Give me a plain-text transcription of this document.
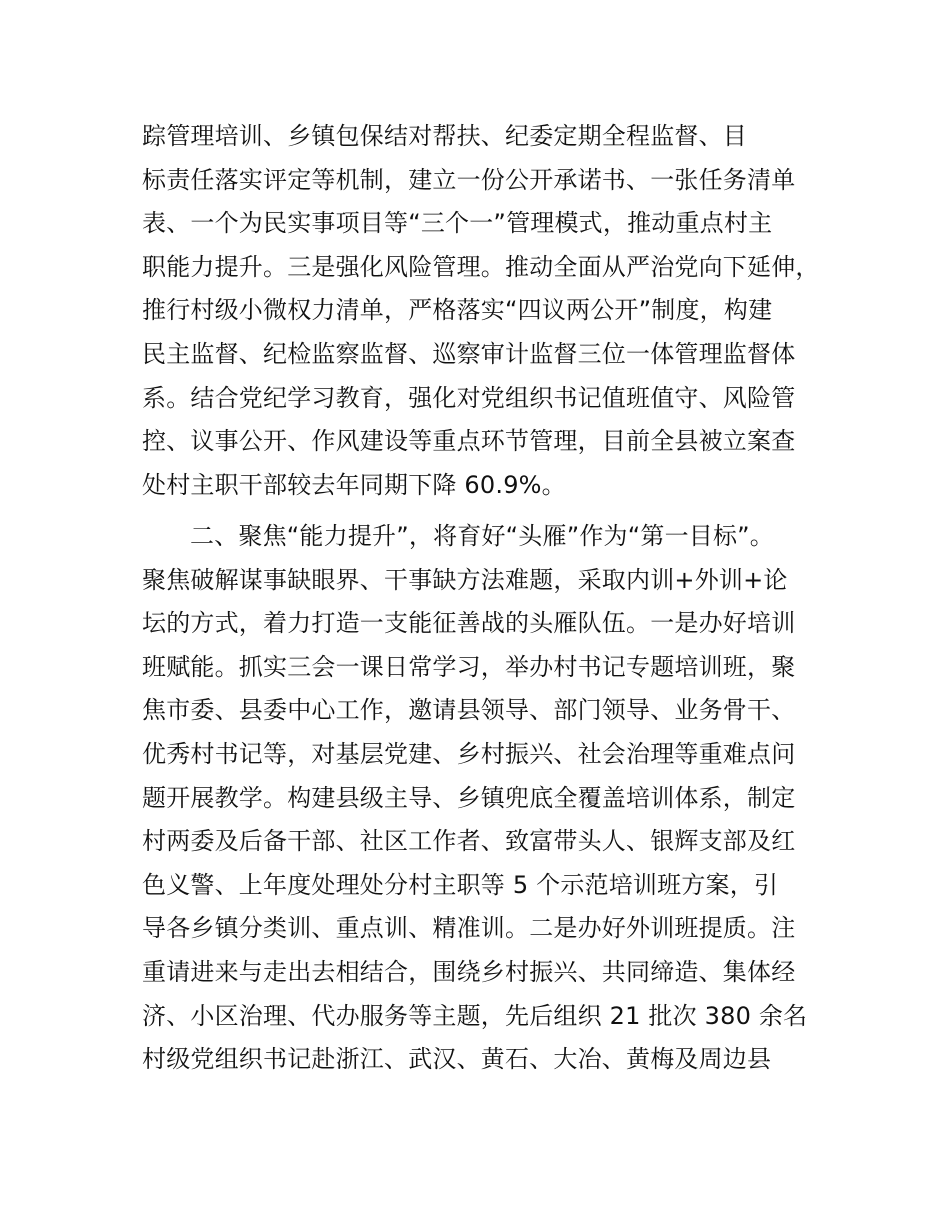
踪管理培训、乡镇包保结对帮扶、纪委定期全程监督、目
标责任落实评定等机制，建立一份公开承诺书、一张任务清单
表、一个为民实事项目等“三个一”管理模式，推动重点村主
职能力提升。三是强化风险管理。推动全面从严治党向下延伸，
推行村级小微权力清单，严格落实“四议两公开”制度，构建
民主监督、纪检监察监督、巡察审计监督三位一体管理监督体
系。结合党纪学习教育，强化对党组织书记值班值守、风险管
控、议事公开、作风建设等重点环节管理，目前全县被立案查
处村主职干部较去年同期下降 60.9%。
二、聚焦“能力提升”，将育好“头雁”作为“第一目标”。
聚焦破解谋事缺眼界、干事缺方法难题，采取内训+外训+论
坛的方式，着力打造一支能征善战的头雁队伍。一是办好培训
班赋能。抓实三会一课日常学习，举办村书记专题培训班，聚
焦市委、县委中心工作，邀请县领导、部门领导、业务骨干、
优秀村书记等，对基层党建、乡村振兴、社会治理等重难点问
题开展教学。构建县级主导、乡镇兜底全覆盖培训体系，制定
村两委及后备干部、社区工作者、致富带头人、银辉支部及红
色义警、上年度处理处分村主职等 5 个示范培训班方案，引
导各乡镇分类训、重点训、精准训。二是办好外训班提质。注
重请进来与走出去相结合，围绕乡村振兴、共同缔造、集体经
济、小区治理、代办服务等主题，先后组织 21 批次 380 余名
村级党组织书记赴浙江、武汉、黄石、大冶、黄梅及周边县
